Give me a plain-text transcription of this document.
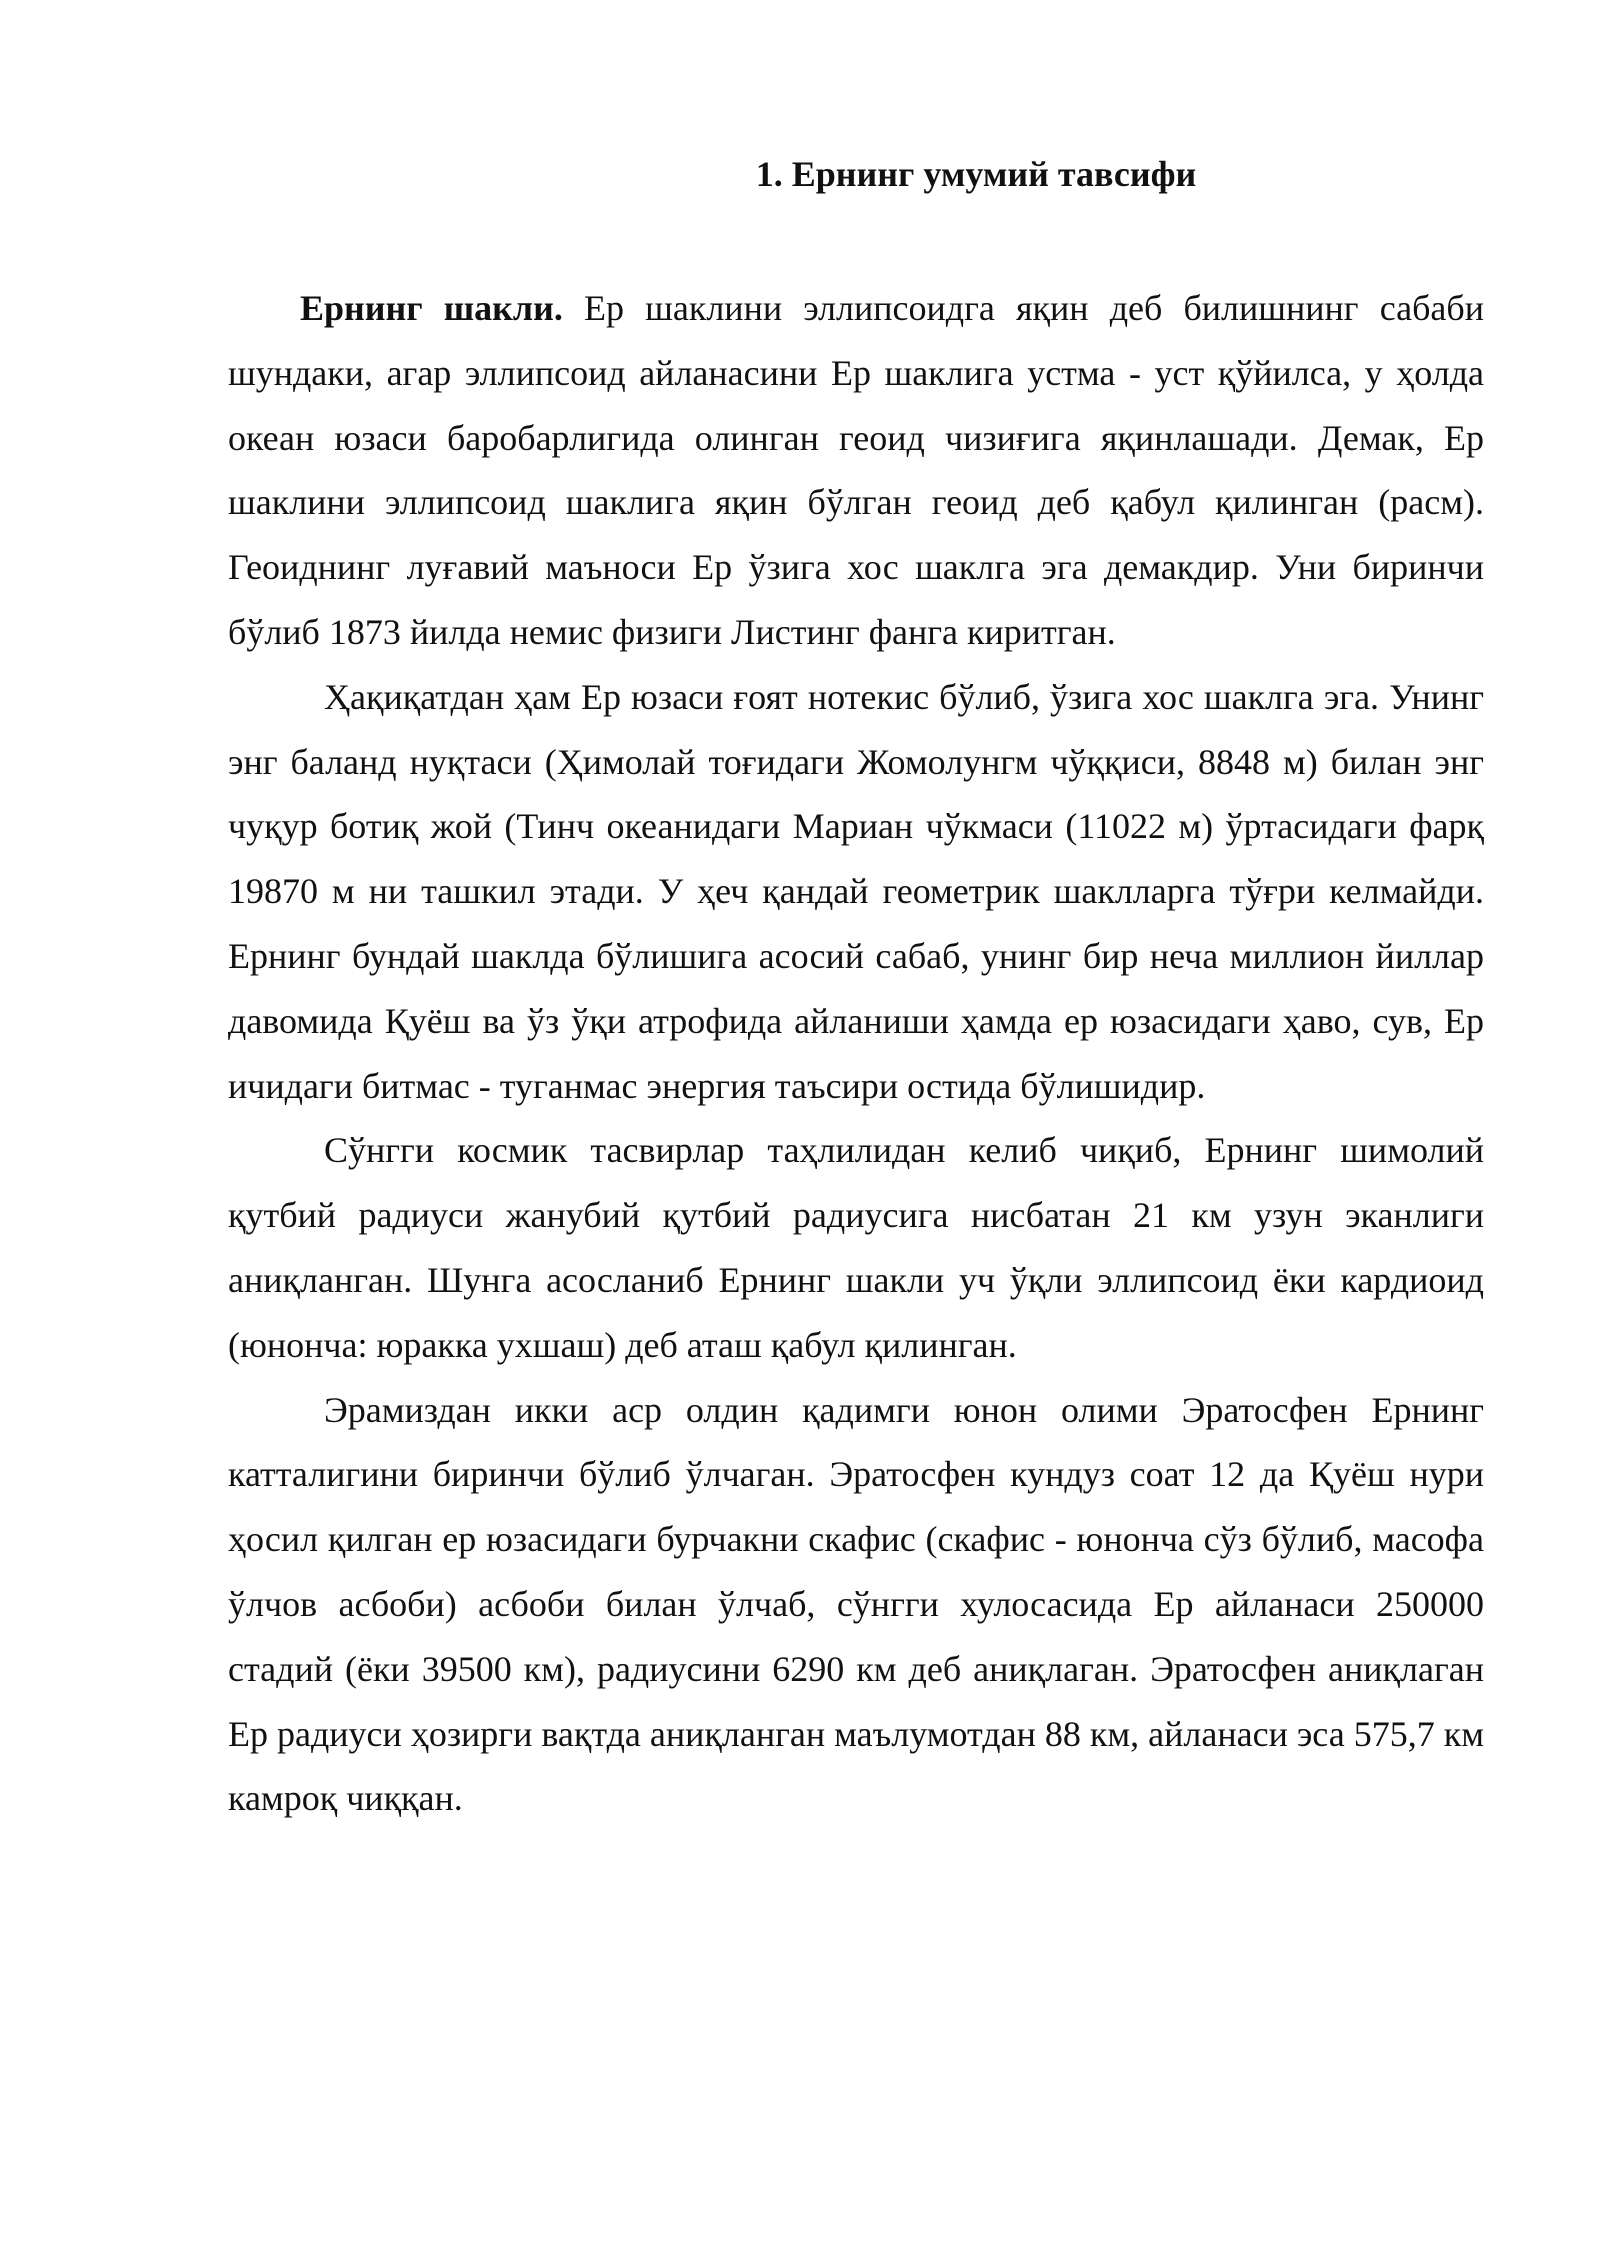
1. Ернинг умумий тавсифи

Ернинг шакли. Ер шаклини эллипсоидга яқин деб билишнинг сабаби шундаки, агар эллипсоид айланасини Ер шаклига устма - уст қўйилса, у ҳолда океан юзаси баробарлигида олинган геоид чизиғига яқинлашади. Демак, Ер шаклини эллипсоид шаклига яқин бўлган геоид деб қабул қилинган (расм). Геоиднинг луғавий маъноси Ер ўзига хос шаклга эга демакдир. Уни биринчи бўлиб 1873 йилда немис физиги Листинг фанга киритган.

Ҳақиқатдан ҳам Ер юзаси ғоят нотекис бўлиб, ўзига хос шаклга эга. Унинг энг баланд нуқтаси (Ҳимолай тоғидаги Жомолунгм чўққиси, 8848 м) билан энг чуқур ботиқ жой (Тинч океанидаги Мариан чўкмаси (11022 м) ўртасидаги фарқ 19870 м ни ташкил этади. У ҳеч қандай геометрик шаклларга тўғри келмайди. Ернинг бундай шаклда бўлишига асосий сабаб, унинг бир неча миллион йиллар давомида Қуёш ва ўз ўқи атрофида айланиши ҳамда ер юзасидаги ҳаво, сув, Ер ичидаги битмас - туганмас энергия таъсири остида бўлишидир.

Сўнгги космик тасвирлар таҳлилидан келиб чиқиб, Ернинг шимолий қутбий радиуси жанубий қутбий радиусига нисбатан 21 км узун эканлиги аниқланган. Шунга асосланиб Ернинг шакли уч ўқли эллипсоид ёки кардиоид (юнонча: юракка ухшаш) деб аташ қабул қилинган.

Эрамиздан икки аср олдин қадимги юнон олими Эратосфен Ернинг катталигини биринчи бўлиб ўлчаган. Эратосфен кундуз соат 12 да Қуёш нури ҳосил қилган ер юзасидаги бурчакни скафис (скафис - юнонча сўз бўлиб, масофа ўлчов асбоби) асбоби билан ўлчаб, сўнгги хулосасида Ер айланаси 250000 стадий (ёки 39500 км), радиусини 6290 км деб аниқлаган. Эратосфен аниқлаган Ер радиуси ҳозирги вақтда аниқланган маълумотдан 88 км, айланаси эса 575,7 км камроқ чиққан.
